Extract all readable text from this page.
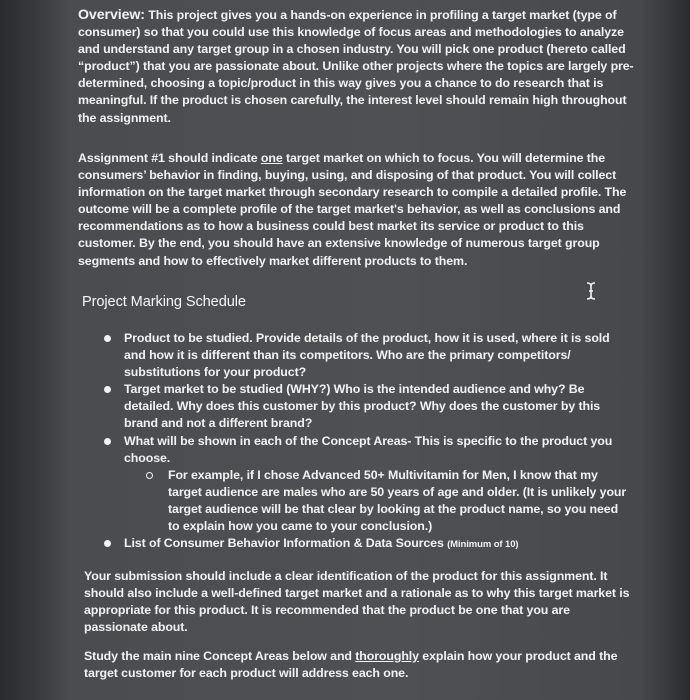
Overview: This project gives you a hands-on experience in profiling a target market (type of consumer) so that you could use this knowledge of focus areas and methodologies to analyze and understand any target group in a chosen industry. You will pick one product (hereto called “product”) that you are passionate about. Unlike other projects where the topics are largely pre-determined, choosing a topic/product in this way gives you a chance to do research that is meaningful. If the product is chosen carefully, the interest level should remain high throughout the assignment.

Assignment #1 should indicate one target market on which to focus. You will determine the consumers’ behavior in finding, buying, using, and disposing of that product. You will collect information on the target market through secondary research to compile a detailed profile. The outcome will be a complete profile of the target market's behavior, as well as conclusions and recommendations as to how a business could best market its service or product to this customer. By the end, you should have an extensive knowledge of numerous target group segments and how to effectively market different products to them.

Project Marking Schedule
Product to be studied. Provide details of the product, how it is used, where it is sold and how it is different than its competitors. Who are the primary competitors/ substitutions for your product?
Target market to be studied (WHY?) Who is the intended audience and why? Be detailed. Why does this customer by this product? Why does the customer by this brand and not a different brand?
What will be shown in each of the Concept Areas- This is specific to the product you choose.
For example, if I chose Advanced 50+ Multivitamin for Men, I know that my target audience are males who are 50 years of age and older. (It is unlikely your target audience will be that clear by looking at the product name, so you need to explain how you came to your conclusion.)
List of Consumer Behavior Information & Data Sources (Minimum of 10)

Your submission should include a clear identification of the product for this assignment. It should also include a well-defined target market and a rationale as to why this target market is appropriate for this product. It is recommended that the product be one that you are passionate about.

Study the main nine Concept Areas below and thoroughly explain how your product and the target customer for each product will address each one.
